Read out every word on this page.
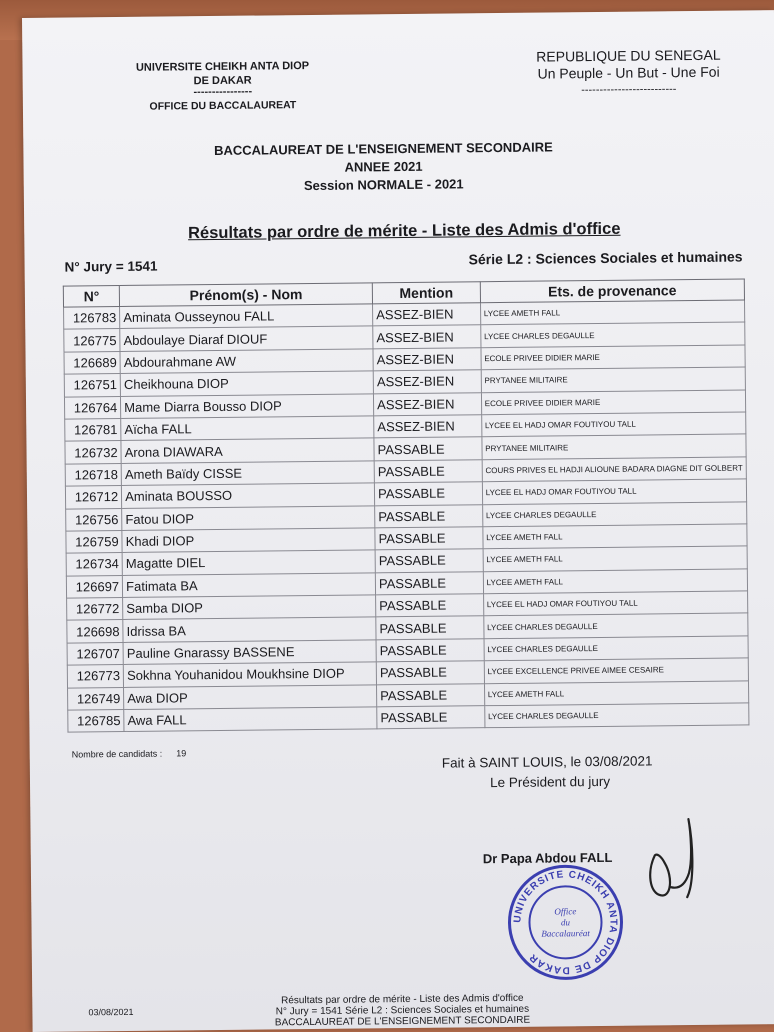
UNIVERSITE CHEIKH ANTA DIOP
DE DAKAR
----------------
OFFICE DU BACCALAUREAT
REPUBLIQUE DU SENEGAL
Un Peuple - Un But - Une Foi
--------------------------
BACCALAUREAT DE L'ENSEIGNEMENT SECONDAIRE
ANNEE 2021
Session NORMALE - 2021
Résultats par ordre de mérite - Liste des Admis d'office
N° Jury = 1541	Série L2 : Sciences Sociales et humaines
N°	Prénom(s) - Nom	Mention	Ets. de provenance
126783	Aminata Ousseynou FALL	ASSEZ-BIEN	LYCEE AMETH FALL
126775	Abdoulaye Diaraf DIOUF	ASSEZ-BIEN	LYCEE CHARLES DEGAULLE
126689	Abdourahmane AW	ASSEZ-BIEN	ECOLE PRIVEE DIDIER MARIE
126751	Cheikhouna DIOP	ASSEZ-BIEN	PRYTANEE MILITAIRE
126764	Mame Diarra Bousso DIOP	ASSEZ-BIEN	ECOLE PRIVEE DIDIER MARIE
126781	Aïcha FALL	ASSEZ-BIEN	LYCEE EL HADJ OMAR FOUTIYOU TALL
126732	Arona DIAWARA	PASSABLE	PRYTANEE MILITAIRE
126718	Ameth Baïdy CISSE	PASSABLE	COURS PRIVES EL HADJI ALIOUNE BADARA DIAGNE DIT GOLBERT
126712	Aminata BOUSSO	PASSABLE	LYCEE EL HADJ OMAR FOUTIYOU TALL
126756	Fatou DIOP	PASSABLE	LYCEE CHARLES DEGAULLE
126759	Khadi DIOP	PASSABLE	LYCEE AMETH FALL
126734	Magatte DIEL	PASSABLE	LYCEE AMETH FALL
126697	Fatimata BA	PASSABLE	LYCEE AMETH FALL
126772	Samba DIOP	PASSABLE	LYCEE EL HADJ OMAR FOUTIYOU TALL
126698	Idrissa BA	PASSABLE	LYCEE CHARLES DEGAULLE
126707	Pauline Gnarassy BASSENE	PASSABLE	LYCEE CHARLES DEGAULLE
126773	Sokhna Youhanidou Moukhsine DIOP	PASSABLE	LYCEE EXCELLENCE PRIVEE AIMEE CESAIRE
126749	Awa DIOP	PASSABLE	LYCEE AMETH FALL
126785	Awa FALL	PASSABLE	LYCEE CHARLES DEGAULLE
Nombre de candidats : 19
Fait à SAINT LOUIS, le 03/08/2021
Le Président du jury
Dr Papa Abdou FALL
UNIVERSITE CHEIKH ANTA DIOP DE DAKAR
Office
du
Baccalauréat
03/08/2021
Résultats par ordre de mérite - Liste des Admis d'office
N° Jury = 1541 Série L2 : Sciences Sociales et humaines
BACCALAUREAT DE L'ENSEIGNEMENT SECONDAIRE
